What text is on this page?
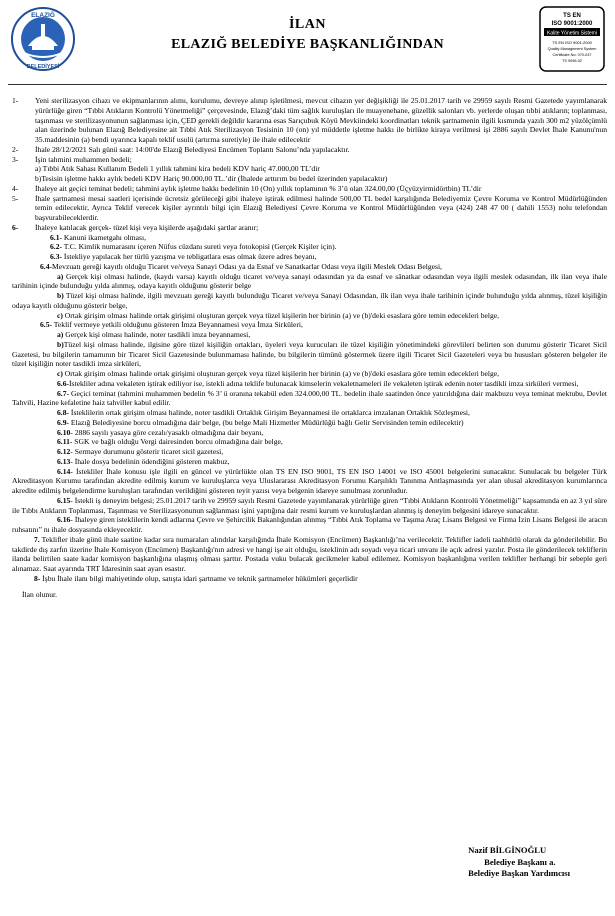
ELAZIĞ
BELEDİYESİ
İLAN
ELAZIĞ BELEDİYE BAŞKANLIĞINDAN
TS EN
ISO 9001:2000
Kalite Yönetim Sistemi
TS EN ISO 9001:2000
Quality Management System
Certificate No: 070-037
TS 9096-02
1-	Yeni sterilizasyon cihazı ve ekipmanlarının alımı, kurulumu, devreye alınıp işletilmesi, mevcut cihazın yer değişikliği ile 25.01.2017 tarih ve 29959 sayılı Resmi Gazetede yayımlanarak yürürlüğe giren “Tıbbi Atıkların Kontrolü Yönetmeliği” çerçevesinde, Elazığ’daki tüm sağlık kuruluşları ile muayenehane, güzellik salonları vb. yerlerde oluşan tıbbi atıkların; toplanması, taşınması ve sterilizasyonunun sağlanması için, ÇED gerekli değildir kararına esas Sarıçubuk Köyü Mevkiindeki koordinatları teknik şartnamenin ilgili kısmında yazılı 300 m2 yüzölçümlü alan üzerinde bulunan Elazığ Belediyesine ait Tıbbi Atık Sterilizasyon Tesisinin 10 (on) yıl müddetle işletme hakkı ile birlikte kiraya verilmesi işi 2886 sayılı Devlet İhale Kanunu'nun 35.maddesinin (a) bendi uyarınca kapalı teklif usulü (artırma suretiyle) ile ihale edilecektir
2-	İhale 28/12/2021 Salı günü saat: 14:00'de Elazığ Belediyesi Encümen Toplantı Salonu’nda yapılacaktır.
3-	İşin tahmini muhammen bedeli;
a) Tıbbi Atık Sahası Kullanım Bedeli 1 yıllık tahmini kira bedeli KDV hariç 47.000,00 TL’dir
b)Tesisin işletme hakkı aylık bedeli KDV Hariç 90.000,00 TL.’dir (İhalede arttırım bu bedel üzerinden yapılacaktır)
4-	İhaleye ait geçici teminat bedeli; tahmini aylık işletme hakkı bedelinin 10 (On) yıllık toplamının % 3’ü olan 324.00,00 (Üçyüzyirmidörtbin) TL’dir
5-	İhale şartnamesi mesai saatleri içerisinde ücretsiz görüleceği gibi ihaleye iştirak edilmesi halinde 500,00 TL bedel karşılığında Belediyemiz Çevre Koruma ve Kontrol Müdürlüğünden temin edilecektir, Ayrıca Teklif verecek kişiler ayrıntılı bilgi için Elazığ Belediyesi Çevre Koruma ve Kontrol Müdürlüğünden veya (424) 248 47 00 ( dahili 1553) nolu telefondan başvurabileceklerdir.
6-	İhaleye katılacak gerçek- tüzel kişi veya kişilerde aşağıdaki şartlar aranır;
6.1- Kanuni ikametgahı olması,
6.2- T.C. Kimlik numarasını içeren Nüfus cüzdanı sureti veya fotokopisi (Gerçek Kişiler için).
6.3- İstekliye yapılacak her türlü yazışma ve tebligatlara esas olmak üzere adres beyanı,
6.4-Mevzuatı gereği kayıtlı olduğu Ticaret ve/veya Sanayi Odası ya da Esnaf ve Sanatkarlar Odası veya ilgili Meslek Odası Belgesi,
a) Gerçek kişi olması halinde, (kaydı varsa) kayıtlı olduğu ticaret ve/veya sanayi odasından ya da esnaf ve sânatkar odasından veya ilgili meslek odasından, ilk ilan veya ihale tarihinin içinde bulunduğu yılda alınmış, odaya kayıtlı olduğunu gösterir belge
b) Tüzel kişi olması halinde, ilgili mevzuatı gereği kayıtlı bulunduğu Ticaret ve/veya Sanayi Odasından, ilk ilan veya ihale tarihinin içinde bulunduğu yılda alınmış, tüzel kişiliğin odaya kayıtlı olduğunu gösterir belge,
c) Ortak girişim olması halinde ortak girişimi oluşturan gerçek veya tüzel kişilerin her birinin (a) ve (b)'deki esaslara göre temin edecekleri belge,
6.5- Teklif vermeye yetkili olduğunu gösteren İmza Beyannamesi veya İmza Sirküleri,
a) Gerçek kişi olması halinde, noter tasdikli imza beyannamesi,
b)Tüzel kişi olması halinde, ilgisine göre tüzel kişiliğin ortakları, üyeleri veya kurucuları ile tüzel kişiliğin yönetimindeki görevlileri belirten son durumu gösterir Ticaret Sicil Gazetesi, bu bilgilerin tamamının bir Ticaret Sicil Gazetesinde bulunmaması halinde, bu bilgilerin tümünü göstermek üzere ilgili Ticaret Sicil Gazeteleri veya bu hususları gösteren belgeler ile tüzel kişiliğin noter tasdikli imza sirküleri,
c) Ortak girişim olması halinde ortak girişimi oluşturan gerçek veya tüzel kişilerin her birinin (a) ve (b)'deki esaslara göre temin edecekleri belge,
6.6-İstekliler adına vekaleten iştirak ediliyor ise, istekli adına teklife bulunacak kimselerin vekaletnameleri ile vekaleten iştirak edenin noter tasdikli imza sirküleri vermesi,
6.7- Geçici teminat (tahmini muhammen bedelin % 3’ ü oranına tekabül eden 324.000,00 TL. bedelin ihale saatinden önce yatırıldığına dair makbuzu veya teminat mektubu, Devlet Tahvili, Hazine kefaletine haiz tahviller kabul edilir.
6.8- İsteklilerin ortak girişim olması halinde, noter tasdikli Ortaklık Girişim Beyannamesi ile ortaklarca imzalanan Ortaklık Sözleşmesi,
6.9- Elazığ Belediyesine borcu olmadığına dair belge, (bu belge Mali Hizmetler Müdürlüğü bağlı Gelir Servisinden temin edilecektir)
6.10- 2886 sayılı yasaya göre cezalı/yasaklı olmadığına dair beyanı,
6.11- SGK ve bağlı olduğu Vergi dairesinden borcu olmadığına dair belge,
6.12- Sermaye durumunu gösterir ticaret sicil gazetesi,
6.13- İhale dosya bedelinin ödendiğini gösteren makbuz,
6.14- İstekliler İhale konusu işle ilgili en güncel ve yürürlükte olan TS EN ISO 9001, TS EN ISO 14001 ve ISO 45001 belgelerini sunacaktır. Sunulacak bu belgeler Türk Akreditasyon Kurumu tarafından akredite edilmiş kurum ve kuruluşlarca veya Uluslararası Akreditasyon Forumu Karşılıklı Tanınma Antlaşmasında yer alan ulusal akreditasyon kurumlarınca akredite edilmiş belgelendirme kuruluşları tarafından verildiğini gösteren teyit yazısı veya belgenin idareye sunulması zorunludur.
6.15- İstekli iş deneyim belgesi; 25.01.2017 tarih ve 29959 sayılı Resmi Gazetede yayımlanarak yürürlüğe giren “Tıbbi Atıkların Kontrolü Yönetmeliği” kapsamında en az 3 yıl süre ile Tıbbı Atıkların Toplanması, Taşınması ve Sterilizasyonunun sağlanması işini yaptığına dair resmi kurum ve kuruluşlardan alınmış iş deneyim belgesini idareye sunacaktır.
6.16- İhaleye giren isteklilerin kendi adlarına Çevre ve Şehircilik Bakanlığından alınmış “Tıbbi Atık Toplama ve Taşıma Araç Lisans Belgesi ve Firma İzin Lisans Belgesi ile aracın ruhsatını” nı ihale dosyasında ekleyecektir.
7. Teklifler ihale günü ihale saatine kadar sıra numaraları alındılar karşılığında İhale Komisyon (Encümen) Başkanlığı’na verilecektir. Teklifler iadeli taahhütlü olarak da gönderilebilir. Bu takdirde dış zarfın üzerine İhale Komisyon (Encümen) Başkanlığı'nın adresi ve hangi işe ait olduğu, isteklinin adı soyadı veya ticari unvanı ile açık adresi yazılır. Posta ile gönderilecek tekliflerin ilanda belirtilen saate kadar komisyon başkanlığına ulaşmış olması şarttır. Postada vuku bulacak gecikmeler kabul edilemez. Komisyon başkanlığına verilen teklifler herhangi bir sebeple geri alınamaz. Saat ayarında TRT İdaresinin saat ayarı esastır.
8- İşbu İhale ilanı bilgi mahiyetinde olup, satışta idari şartname ve teknik şartnameler hükümleri geçerlidir
İlan olunur.
Nazif BİLGİNOĞLU
Belediye Başkanı a.
Belediye Başkan Yardımcısı
